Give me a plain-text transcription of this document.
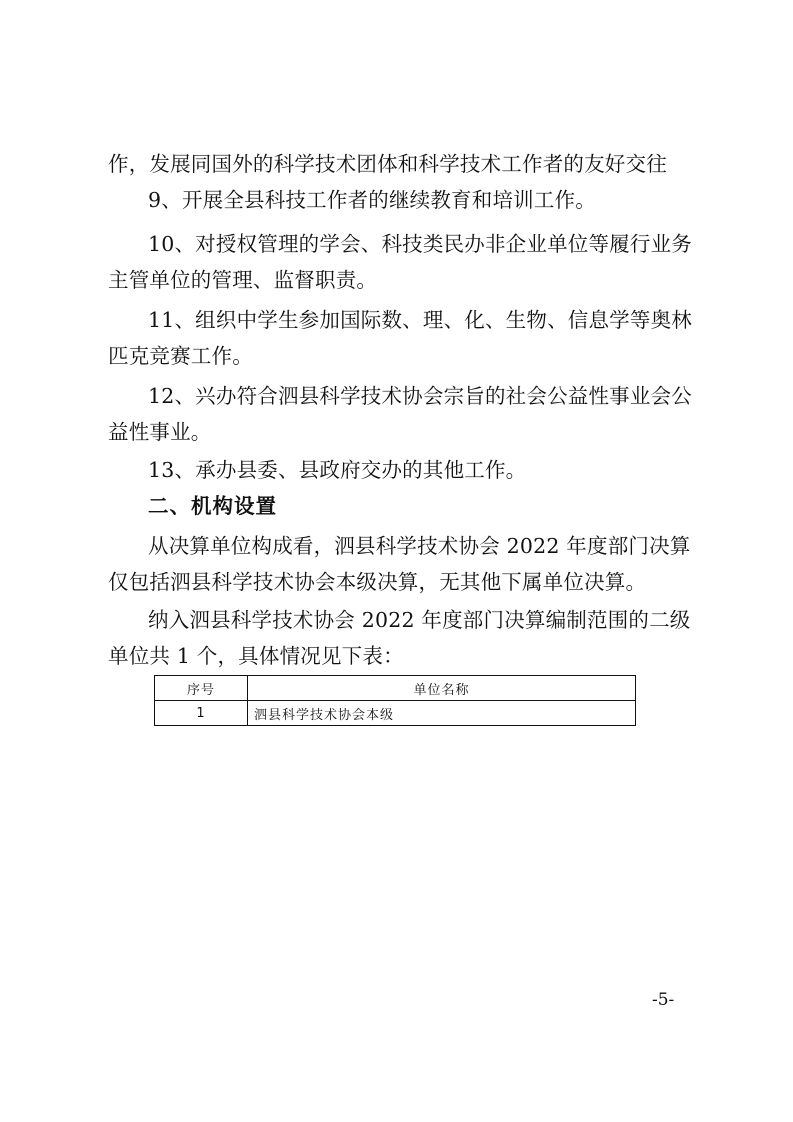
作，发展同国外的科学技术团体和科学技术工作者的友好交往
9、开展全县科技工作者的继续教育和培训工作。
10、对授权管理的学会、科技类民办非企业单位等履行业务
主管单位的管理、监督职责。
11、组织中学生参加国际数、理、化、生物、信息学等奥林
匹克竞赛工作。
12、兴办符合泗县科学技术协会宗旨的社会公益性事业会公
益性事业。
13、承办县委、县政府交办的其他工作。
二、机构设置
从决算单位构成看，泗县科学技术协会 2022 年度部门决算
仅包括泗县科学技术协会本级决算，无其他下属单位决算。
纳入泗县科学技术协会 2022 年度部门决算编制范围的二级
单位共 1 个，具体情况见下表：
序号	单位名称
1	泗县科学技术协会本级
-5-
